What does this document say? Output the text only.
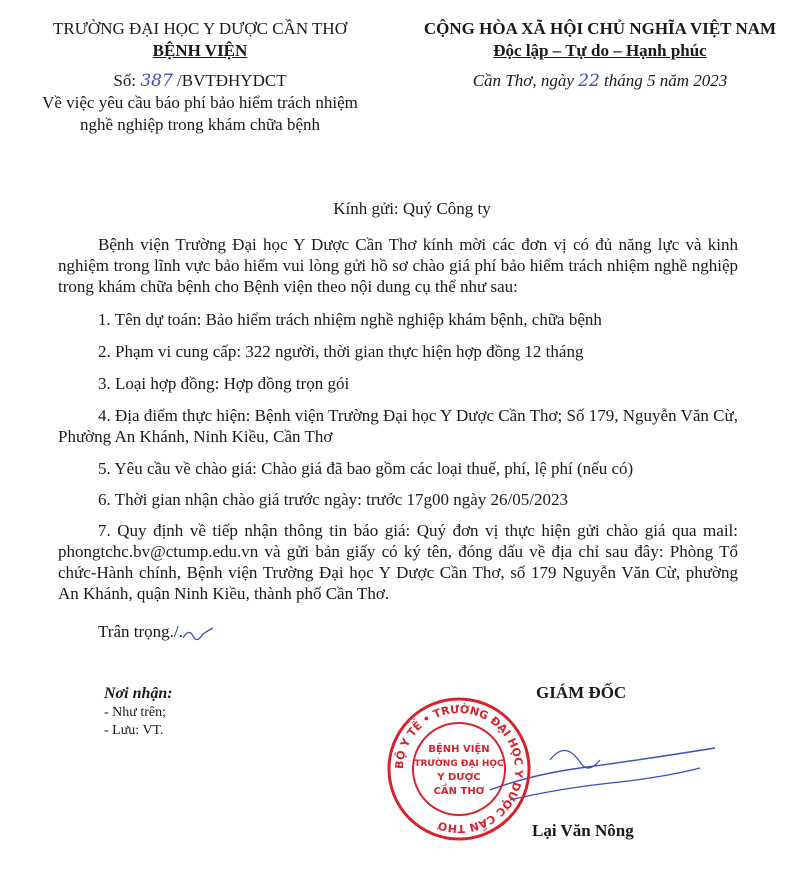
TRƯỜNG ĐẠI HỌC Y DƯỢC CẦN THƠ
BỆNH VIỆN
Số: 387 /BVTĐHYDCT
Về việc yêu cầu báo phí bảo hiểm trách nhiệm
nghề nghiệp trong khám chữa bệnh
CỘNG HÒA XÃ HỘI CHỦ NGHĨA VIỆT NAM
Độc lập – Tự do – Hạnh phúc
Cần Thơ, ngày 22 tháng 5 năm 2023
Kính gửi: Quý Công ty
Bệnh viện Trường Đại học Y Dược Cần Thơ kính mời các đơn vị có đủ năng lực và kinh nghiệm trong lĩnh vực bảo hiểm vui lòng gửi hồ sơ chào giá phí bảo hiểm trách nhiệm nghề nghiệp trong khám chữa bệnh cho Bệnh viện theo nội dung cụ thể như sau:
1. Tên dự toán: Bảo hiểm trách nhiệm nghề nghiệp khám bệnh, chữa bệnh
2. Phạm vi cung cấp: 322 người, thời gian thực hiện hợp đồng 12 tháng
3. Loại hợp đồng: Hợp đồng trọn gói
4. Địa điểm thực hiện: Bệnh viện Trường Đại học Y Dược Cần Thơ; Số 179, Nguyễn Văn Cừ, Phường An Khánh, Ninh Kiều, Cần Thơ
5. Yêu cầu về chào giá: Chào giá đã bao gồm các loại thuế, phí, lệ phí (nếu có)
6. Thời gian nhận chào giá trước ngày: trước 17g00 ngày 26/05/2023
7. Quy định về tiếp nhận thông tin báo giá: Quý đơn vị thực hiện gửi chào giá qua mail: phongtchc.bv@ctump.edu.vn và gửi bản giấy có ký tên, đóng dấu về địa chỉ sau đây: Phòng Tổ chức-Hành chính, Bệnh viện Trường Đại học Y Dược Cần Thơ, số 179 Nguyễn Văn Cừ, phường An Khánh, quận Ninh Kiều, thành phố Cần Thơ.
Trân trọng./.
Nơi nhận:
- Như trên;
- Lưu: VT.
GIÁM ĐỐC
BỘ Y TẾ • TRƯỜNG ĐẠI HỌC Y DƯỢC CẦN THƠ
BỆNH VIỆN
TRƯỜNG ĐẠI HỌC
Y DƯỢC
CẦN THƠ
Lại Văn Nông
